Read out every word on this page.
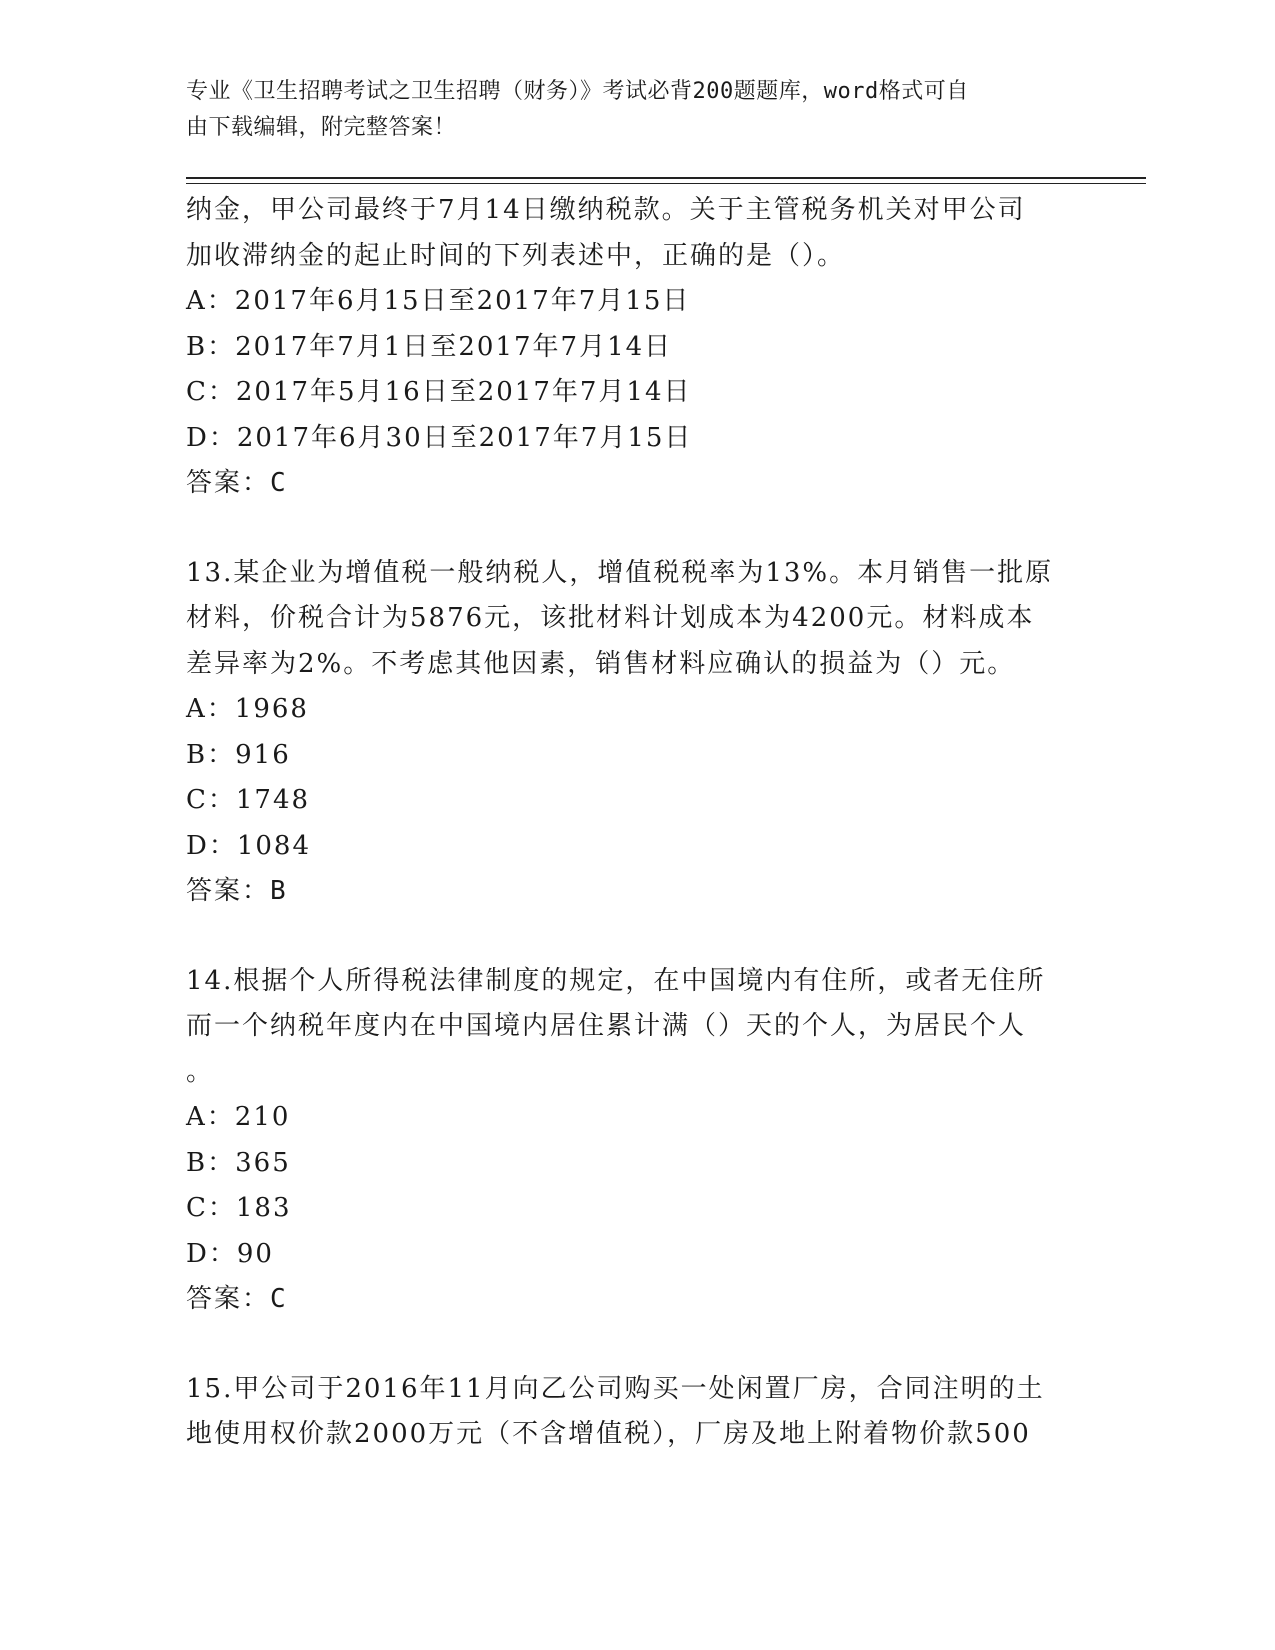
专业《卫生招聘考试之卫生招聘（财务）》考试必背200题题库，word格式可自
由下载编辑，附完整答案！
纳金，甲公司最终于7月14日缴纳税款。关于主管税务机关对甲公司
加收滞纳金的起止时间的下列表述中，正确的是（）。
A：2017年6月15日至2017年7月15日
B：2017年7月1日至2017年7月14日
C：2017年5月16日至2017年7月14日
D：2017年6月30日至2017年7月15日
答案：C
13.某企业为增值税一般纳税人，增值税税率为13%。本月销售一批原
材料，价税合计为5876元，该批材料计划成本为4200元。材料成本
差异率为2%。不考虑其他因素，销售材料应确认的损益为（）元。
A：1968
B：916
C：1748
D：1084
答案：B
14.根据个人所得税法律制度的规定，在中国境内有住所，或者无住所
而一个纳税年度内在中国境内居住累计满（）天的个人，为居民个人
。
A：210
B：365
C：183
D：90
答案：C
15.甲公司于2016年11月向乙公司购买一处闲置厂房，合同注明的土
地使用权价款2000万元（不含增值税），厂房及地上附着物价款500
